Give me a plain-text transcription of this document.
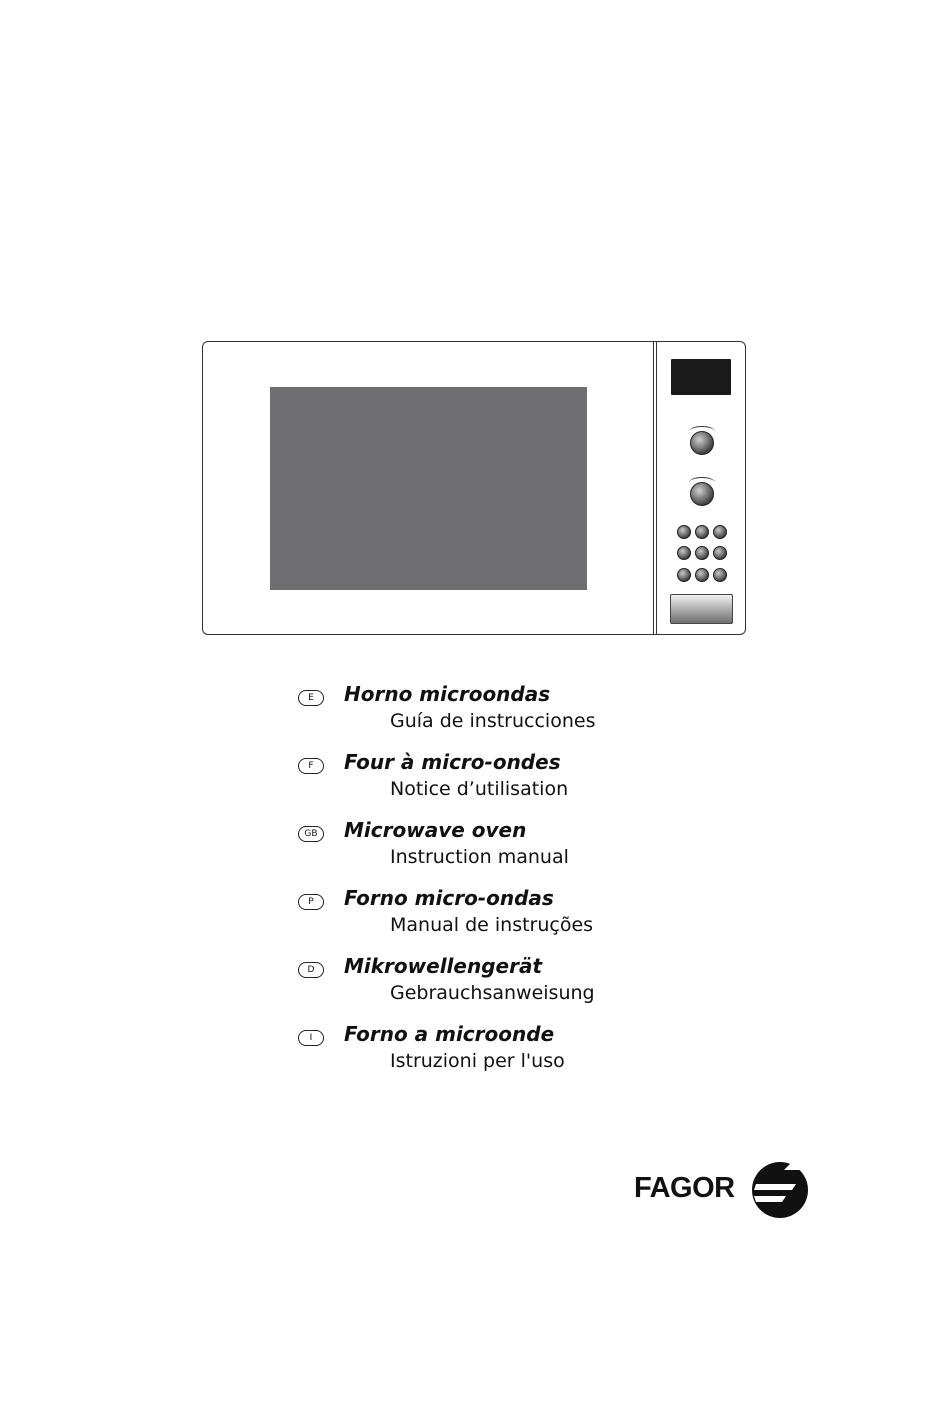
E	Horno microondas
Guía de instrucciones
F	Four à micro-ondes
Notice d’utilisation
GB	Microwave oven
Instruction manual
P	Forno micro-ondas
Manual de instruções
D	Mikrowellengerät
Gebrauchsanweisung
I	Forno a microonde
Istruzioni per l'uso
FAGOR
